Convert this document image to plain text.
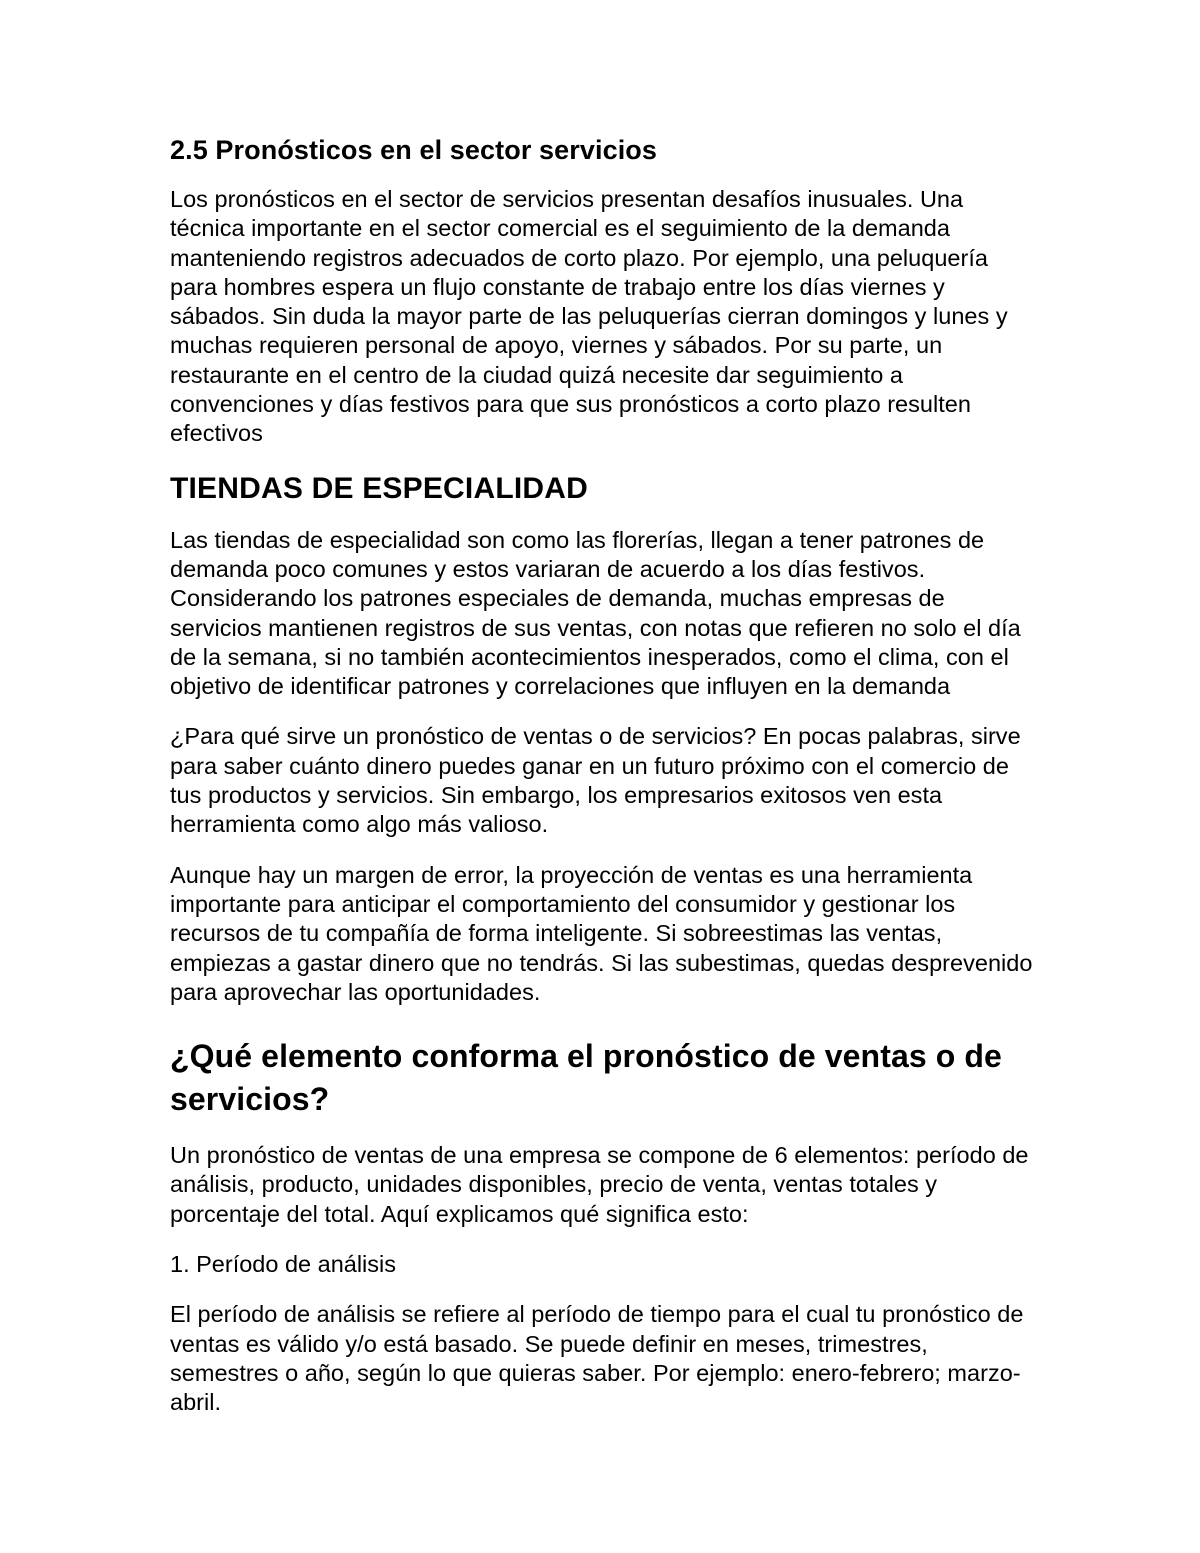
2.5 Pronósticos en el sector servicios

Los pronósticos en el sector de servicios presentan desafíos inusuales. Una técnica importante en el sector comercial es el seguimiento de la demanda manteniendo registros adecuados de corto plazo. Por ejemplo, una peluquería para hombres espera un flujo constante de trabajo entre los días viernes y sábados. Sin duda la mayor parte de las peluquerías cierran domingos y lunes y muchas requieren personal de apoyo, viernes y sábados. Por su parte, un restaurante en el centro de la ciudad quizá necesite dar seguimiento a convenciones y días festivos para que sus pronósticos a corto plazo resulten efectivos

TIENDAS DE ESPECIALIDAD

Las tiendas de especialidad son como las florerías, llegan a tener patrones de demanda poco comunes y estos variaran de acuerdo a los días festivos. Considerando los patrones especiales de demanda, muchas empresas de servicios mantienen registros de sus ventas, con notas que refieren no solo el día de la semana, si no también acontecimientos inesperados, como el clima, con el objetivo de identificar patrones y correlaciones que influyen en la demanda

¿Para qué sirve un pronóstico de ventas o de servicios? En pocas palabras, sirve para saber cuánto dinero puedes ganar en un futuro próximo con el comercio de tus productos y servicios. Sin embargo, los empresarios exitosos ven esta herramienta como algo más valioso.

Aunque hay un margen de error, la proyección de ventas es una herramienta importante para anticipar el comportamiento del consumidor y gestionar los recursos de tu compañía de forma inteligente. Si sobreestimas las ventas, empiezas a gastar dinero que no tendrás. Si las subestimas, quedas desprevenido para aprovechar las oportunidades.

¿Qué elemento conforma el pronóstico de ventas o de servicios?

Un pronóstico de ventas de una empresa se compone de 6 elementos: período de análisis, producto, unidades disponibles, precio de venta, ventas totales y porcentaje del total. Aquí explicamos qué significa esto:

1. Período de análisis

El período de análisis se refiere al período de tiempo para el cual tu pronóstico de ventas es válido y/o está basado. Se puede definir en meses, trimestres, semestres o año, según lo que quieras saber. Por ejemplo: enero-febrero; marzo-abril.
